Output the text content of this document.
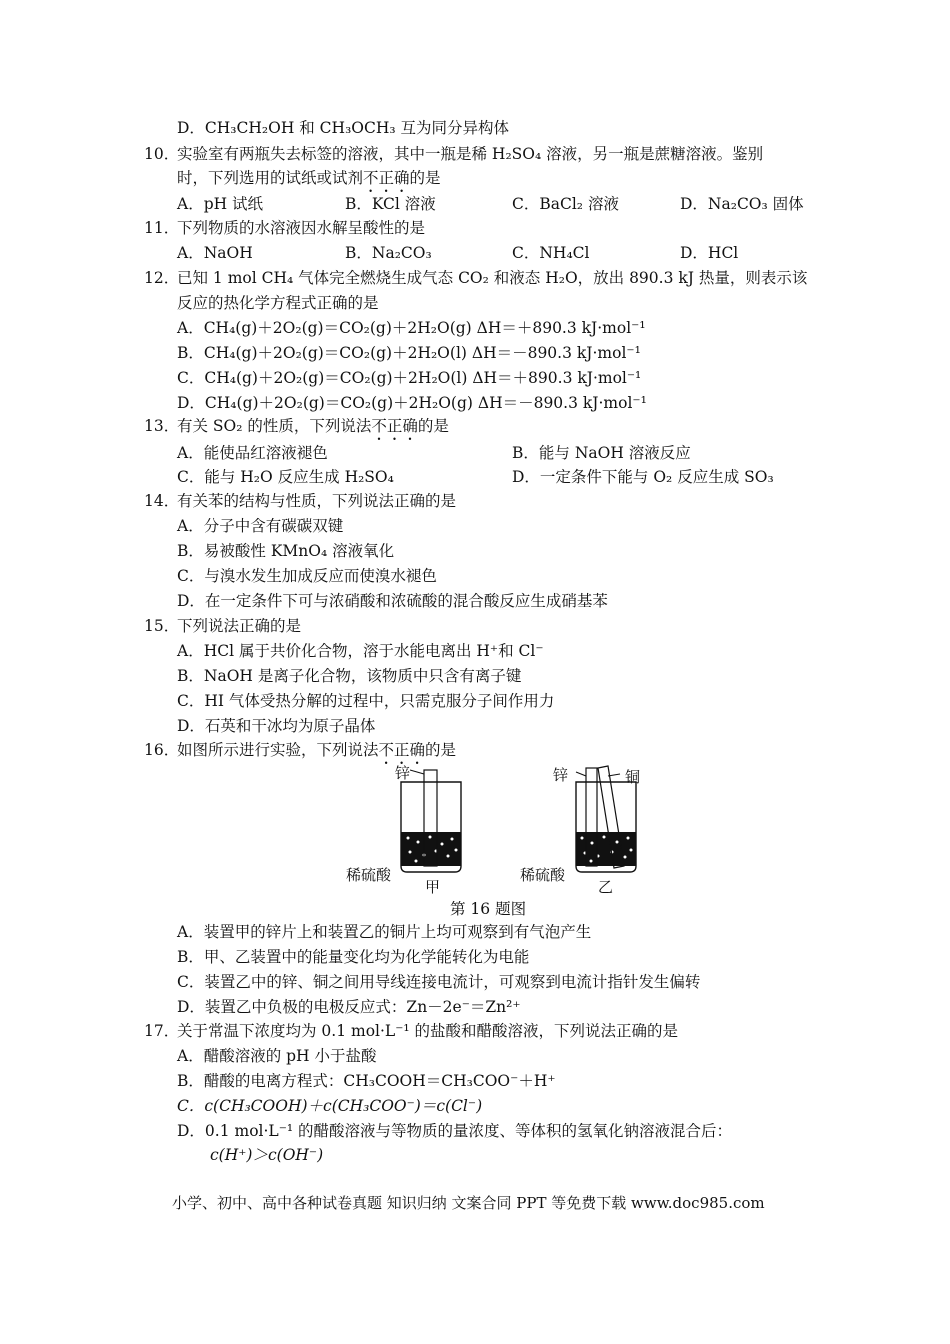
D．CH₃CH₂OH 和 CH₃OCH₃ 互为同分异构体
10．
实验室有两瓶失去标签的溶液，其中一瓶是稀 H₂SO₄ 溶液，另一瓶是蔗糖溶液。鉴别
时，下列选用的试纸或试剂不正确的是
A．pH 试纸	B．KCl 溶液	C．BaCl₂ 溶液	D．Na₂CO₃ 固体
11．
下列物质的水溶液因水解呈酸性的是
A．NaOH	B．Na₂CO₃	C．NH₄Cl	D．HCl
12．
已知 1 mol CH₄ 气体完全燃烧生成气态 CO₂ 和液态 H₂O，放出 890.3 kJ 热量，则表示该
反应的热化学方程式正确的是
A．CH₄(g)＋2O₂(g)＝CO₂(g)＋2H₂O(g) ΔH＝＋890.3 kJ·mol⁻¹
B．CH₄(g)＋2O₂(g)＝CO₂(g)＋2H₂O(l) ΔH＝－890.3 kJ·mol⁻¹
C．CH₄(g)＋2O₂(g)＝CO₂(g)＋2H₂O(l) ΔH＝＋890.3 kJ·mol⁻¹
D．CH₄(g)＋2O₂(g)＝CO₂(g)＋2H₂O(g) ΔH＝－890.3 kJ·mol⁻¹
13．
有关 SO₂ 的性质，下列说法不正确的是
A．能使品红溶液褪色	B．能与 NaOH 溶液反应
C．能与 H₂O 反应生成 H₂SO₄	D．一定条件下能与 O₂ 反应生成 SO₃
14．
有关苯的结构与性质，下列说法正确的是
A．分子中含有碳碳双键
B．易被酸性 KMnO₄ 溶液氧化
C．与溴水发生加成反应而使溴水褪色
D．在一定条件下可与浓硝酸和浓硫酸的混合酸反应生成硝基苯
15．
下列说法正确的是
A．HCl 属于共价化合物，溶于水能电离出 H⁺和 Cl⁻
B．NaOH 是离子化合物，该物质中只含有离子键
C．HI 气体受热分解的过程中，只需克服分子间作用力
D．石英和干冰均为原子晶体
16．
如图所示进行实验，下列说法不正确的是
锌	锌	铜
稀硫酸	稀硫酸
甲	乙
第 16 题图
A．装置甲的锌片上和装置乙的铜片上均可观察到有气泡产生
B．甲、乙装置中的能量变化均为化学能转化为电能
C．装置乙中的锌、铜之间用导线连接电流计，可观察到电流计指针发生偏转
D．装置乙中负极的电极反应式：Zn－2e⁻＝Zn²⁺
17．
关于常温下浓度均为 0.1 mol·L⁻¹ 的盐酸和醋酸溶液，下列说法正确的是
A．醋酸溶液的 pH 小于盐酸
B．醋酸的电离方程式：CH₃COOH＝CH₃COO⁻＋H⁺
C．c(CH₃COOH)＋c(CH₃COO⁻)＝c(Cl⁻)
D．0.1 mol·L⁻¹ 的醋酸溶液与等物质的量浓度、等体积的氢氧化钠溶液混合后：
c(H⁺)＞c(OH⁻)
小学、初中、高中各种试卷真题 知识归纳 文案合同 PPT 等免费下载 www.doc985.com
